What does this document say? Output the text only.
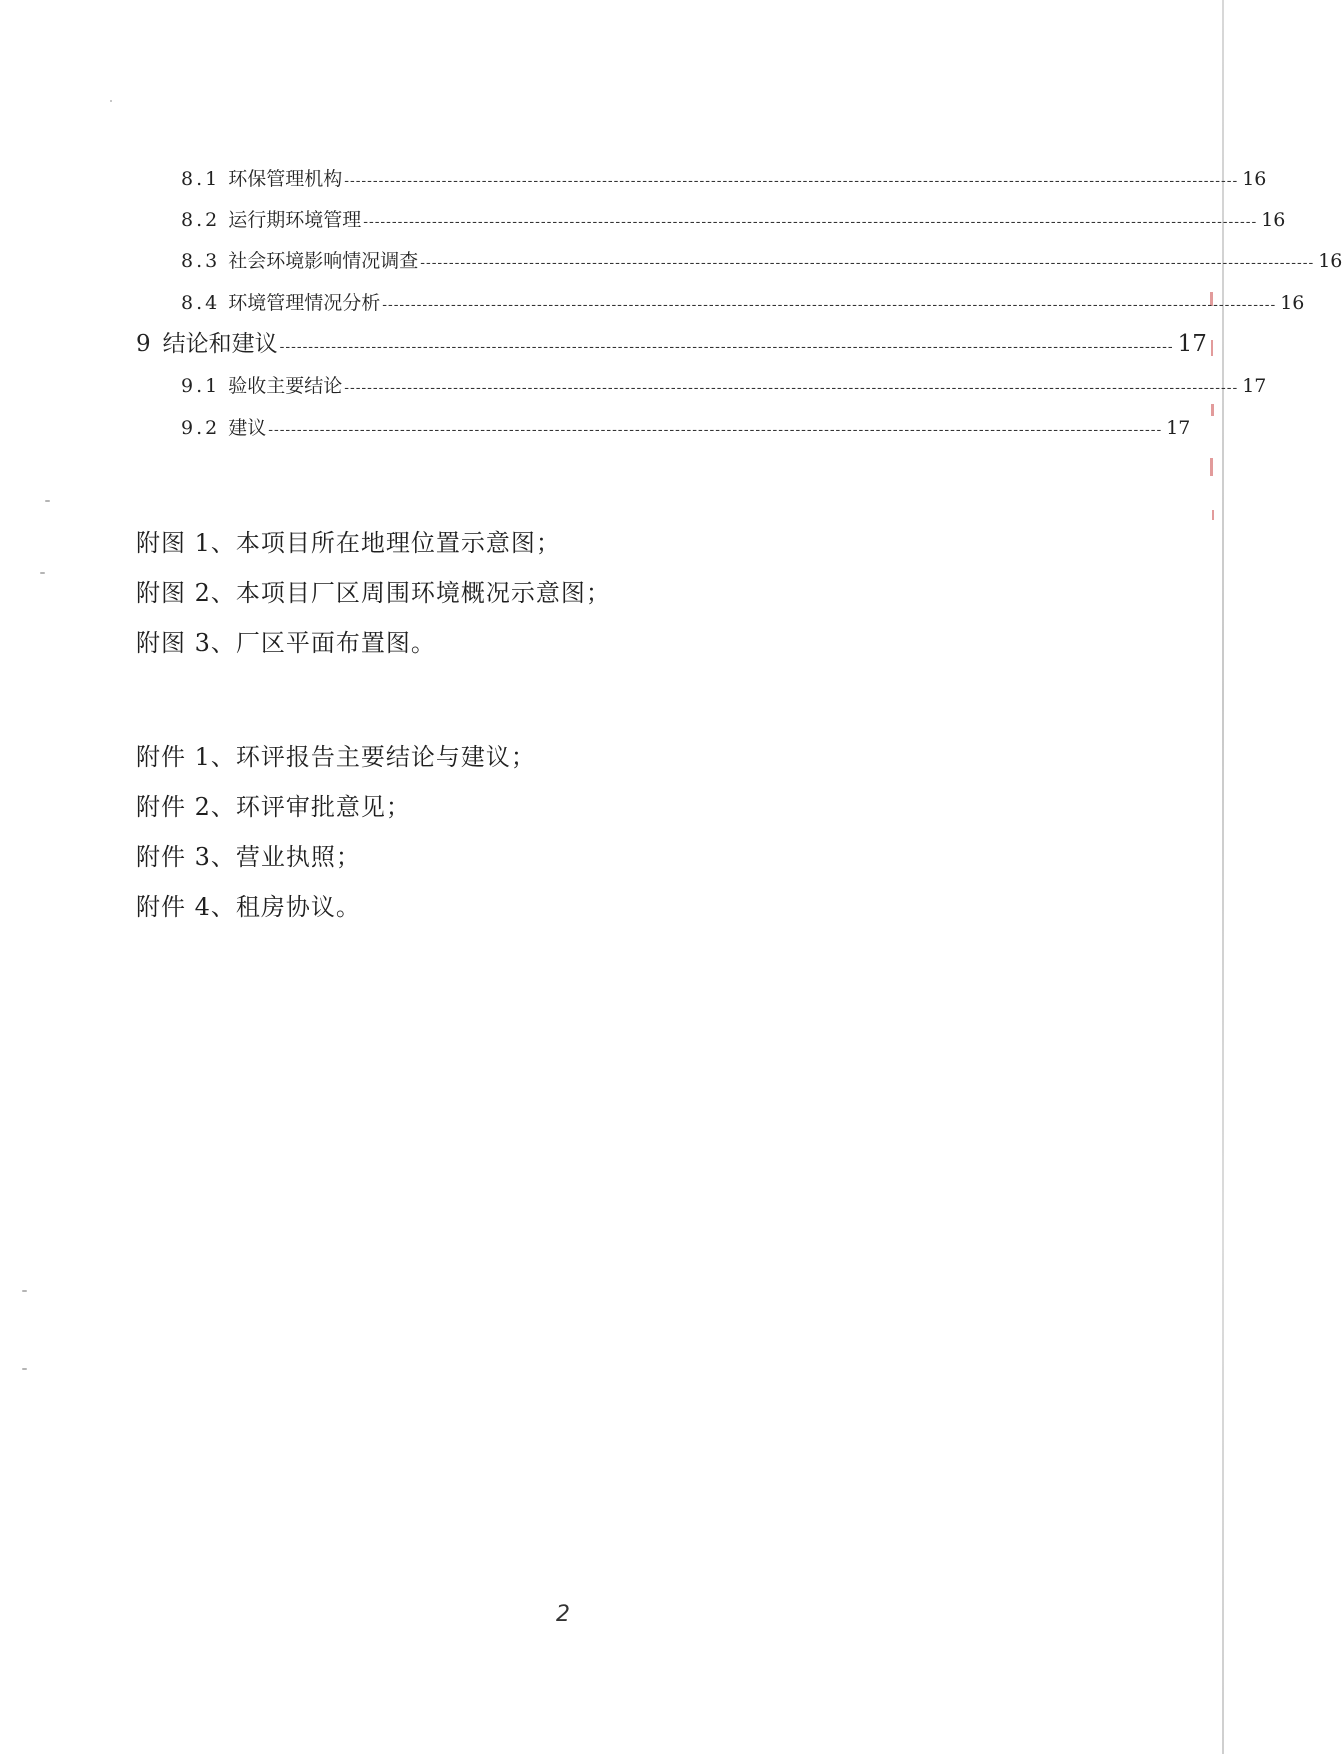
8.1 环保管理机构 ------------------------------------------------------------------------------------------------------------------------------------------------------------ 16
8.2 运行期环境管理 ------------------------------------------------------------------------------------------------------------------------------------------------------------ 16
8.3 社会环境影响情况调查 ------------------------------------------------------------------------------------------------------------------------------------------------------------ 16
8.4 环境管理情况分析 ------------------------------------------------------------------------------------------------------------------------------------------------------------ 16
9 结论和建议 ------------------------------------------------------------------------------------------------------------------------------------------------------------ 17
9.1 验收主要结论 ------------------------------------------------------------------------------------------------------------------------------------------------------------ 17
9.2 建议 ------------------------------------------------------------------------------------------------------------------------------------------------------------ 17
附图 1、本项目所在地理位置示意图；
附图 2、本项目厂区周围环境概况示意图；
附图 3、厂区平面布置图。
附件 1、环评报告主要结论与建议；
附件 2、环评审批意见；
附件 3、营业执照；
附件 4、租房协议。
2
